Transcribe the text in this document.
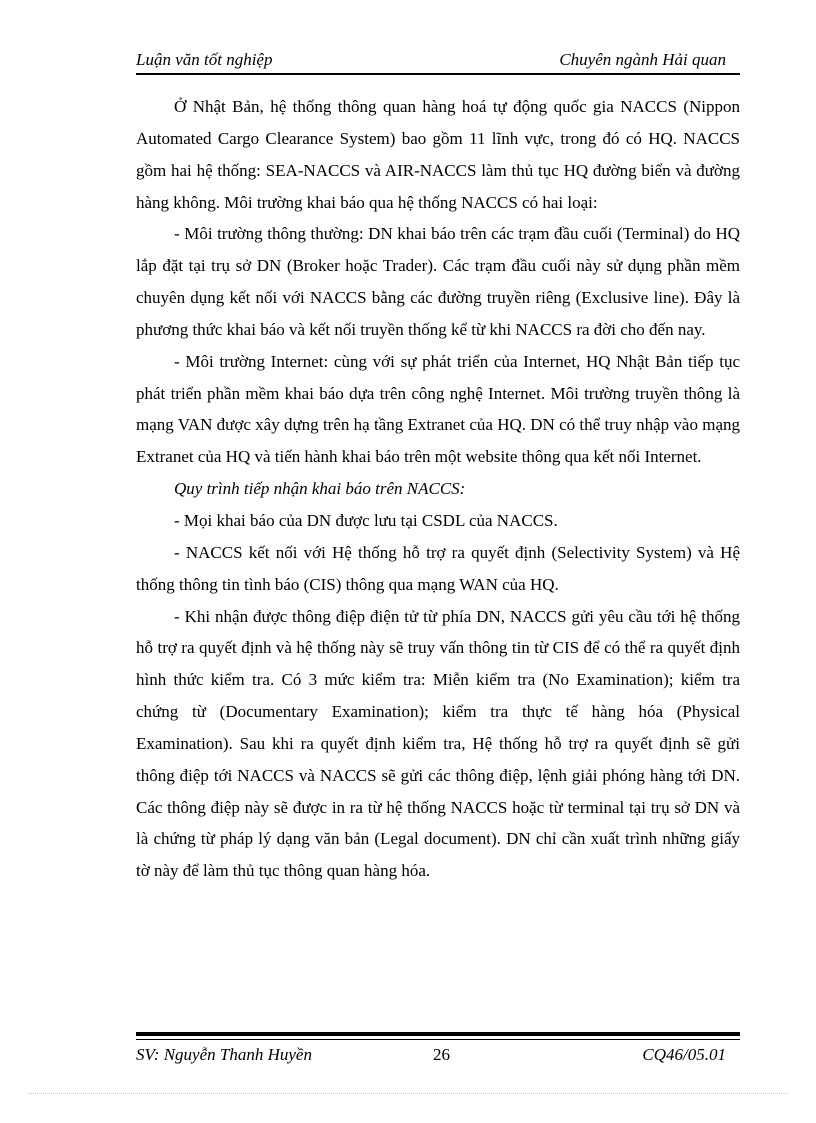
Luận văn tốt nghiệp	Chuyên ngành Hải quan

Ở Nhật Bản, hệ thống thông quan hàng hoá tự động quốc gia NACCS (Nippon Automated Cargo Clearance System) bao gồm 11 lĩnh vực, trong đó có HQ. NACCS gồm hai hệ thống: SEA-NACCS và AIR-NACCS làm thủ tục HQ đường biển và đường hàng không. Môi trường khai báo qua hệ thống NACCS có hai loại:

- Môi trường thông thường: DN khai báo trên các trạm đầu cuối (Terminal) do HQ lắp đặt tại trụ sở DN (Broker hoặc Trader). Các trạm đầu cuối này sử dụng phần mềm chuyên dụng kết nối với NACCS bằng các đường truyền riêng (Exclusive line). Đây là phương thức khai báo và kết nối truyền thống kể từ khi NACCS ra đời cho đến nay.

- Môi trường Internet: cùng với sự phát triển của Internet, HQ Nhật Bản tiếp tục phát triển phần mềm khai báo dựa trên công nghệ Internet. Môi trường truyền thông là mạng VAN được xây dựng trên hạ tầng Extranet của HQ. DN có thể truy nhập vào mạng Extranet của HQ và tiến hành khai báo trên một website thông qua kết nối Internet.

Quy trình tiếp nhận khai báo trên NACCS:

- Mọi khai báo của DN được lưu tại CSDL của NACCS.

- NACCS kết nối với Hệ thống hỗ trợ ra quyết định (Selectivity System) và Hệ thống thông tin tình báo (CIS) thông qua mạng WAN của HQ.

- Khi nhận được thông điệp điện tử từ phía DN, NACCS gửi yêu cầu tới hệ thống hỗ trợ ra quyết định và hệ thống này sẽ truy vấn thông tin từ CIS để có thể ra quyết định hình thức kiểm tra. Có 3 mức kiểm tra: Miễn kiểm tra (No Examination); kiểm tra chứng từ (Documentary Examination); kiểm tra thực tế hàng hóa (Physical Examination). Sau khi ra quyết định kiểm tra, Hệ thống hỗ trợ ra quyết định sẽ gửi thông điệp tới NACCS và NACCS sẽ gửi các thông điệp, lệnh giải phóng hàng tới DN. Các thông điệp này sẽ được in ra từ hệ thống NACCS hoặc từ terminal tại trụ sở DN và là chứng từ pháp lý dạng văn bản (Legal document). DN chỉ cần xuất trình những giấy tờ này để làm thủ tục thông quan hàng hóa.

SV: Nguyễn Thanh Huyền	26	CQ46/05.01
